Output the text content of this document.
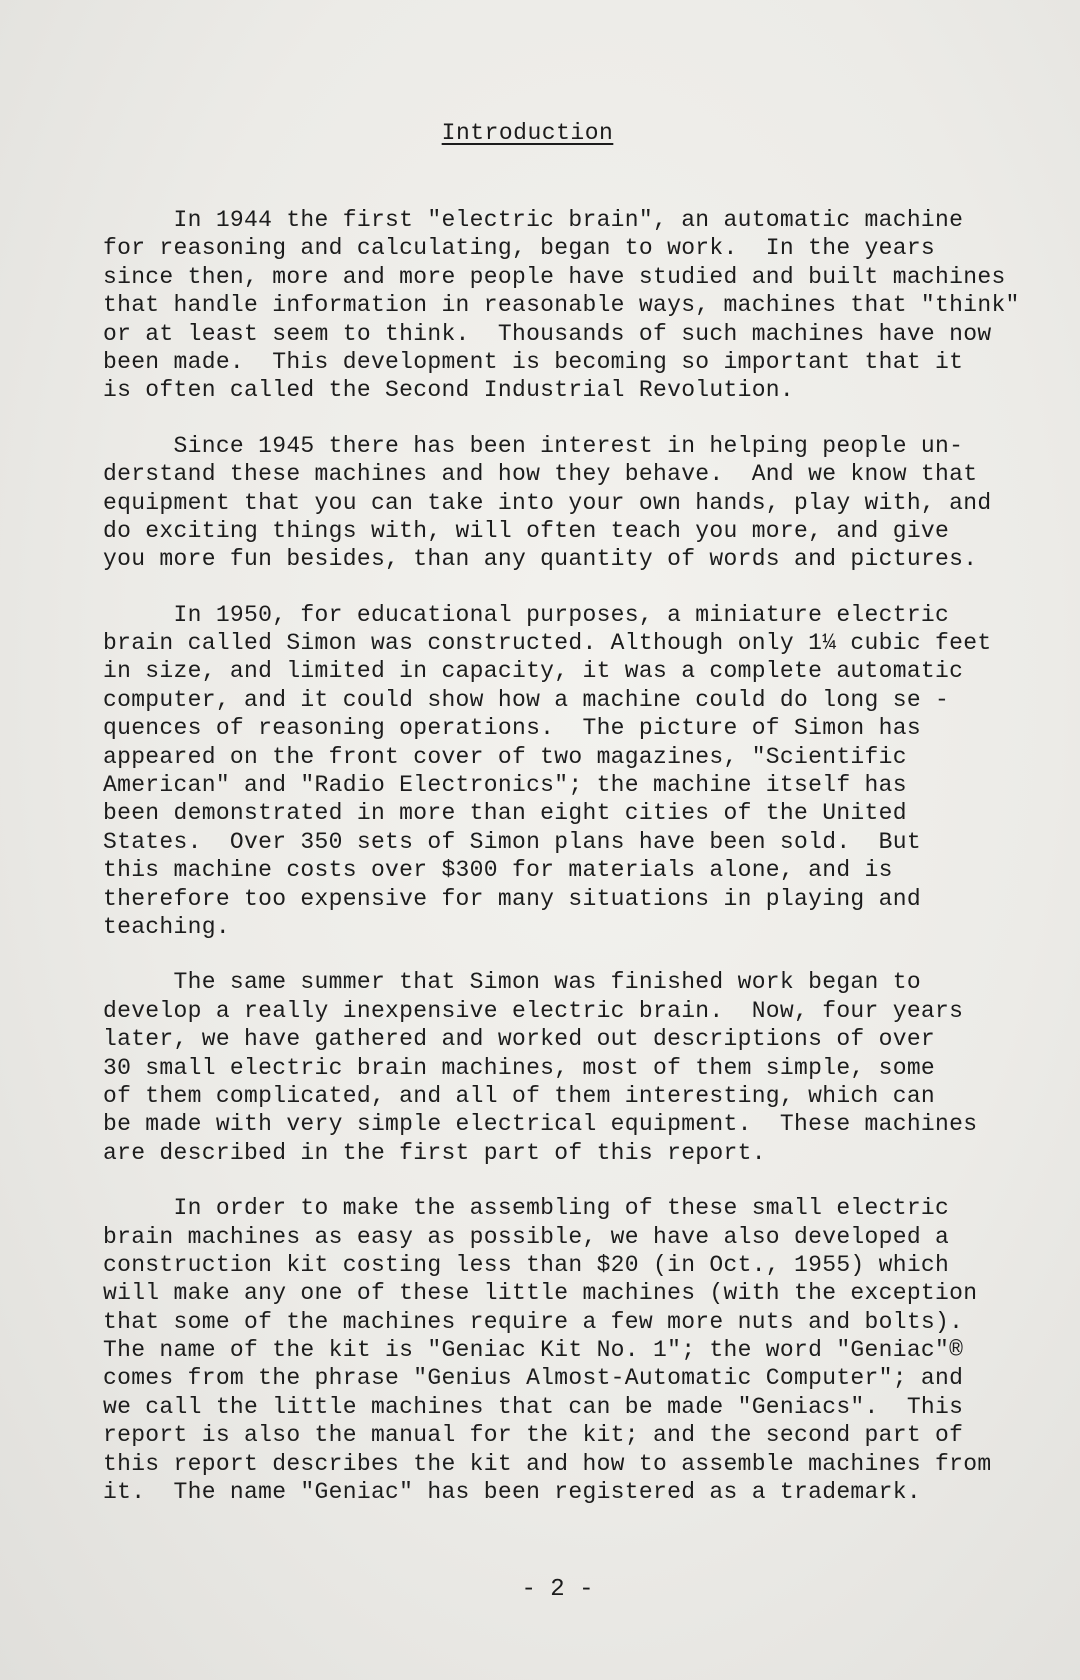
Introduction
In 1944 the first "electric brain", an automatic machine
for reasoning and calculating, began to work.  In the years
since then, more and more people have studied and built machines
that handle information in reasonable ways, machines that "think"
or at least seem to think.  Thousands of such machines have now
been made.  This development is becoming so important that it
is often called the Second Industrial Revolution.
Since 1945 there has been interest in helping people un-
derstand these machines and how they behave.  And we know that
equipment that you can take into your own hands, play with, and
do exciting things with, will often teach you more, and give
you more fun besides, than any quantity of words and pictures.
In 1950, for educational purposes, a miniature electric
brain called Simon was constructed. Although only 1¼ cubic feet
in size, and limited in capacity, it was a complete automatic
computer, and it could show how a machine could do long se -
quences of reasoning operations.  The picture of Simon has
appeared on the front cover of two magazines, "Scientific
American" and "Radio Electronics"; the machine itself has
been demonstrated in more than eight cities of the United
States.  Over 350 sets of Simon plans have been sold.  But
this machine costs over $300 for materials alone, and is
therefore too expensive for many situations in playing and
teaching.
The same summer that Simon was finished work began to
develop a really inexpensive electric brain.  Now, four years
later, we have gathered and worked out descriptions of over
30 small electric brain machines, most of them simple, some
of them complicated, and all of them interesting, which can
be made with very simple electrical equipment.  These machines
are described in the first part of this report.
In order to make the assembling of these small electric
brain machines as easy as possible, we have also developed a
construction kit costing less than $20 (in Oct., 1955) which
will make any one of these little machines (with the exception
that some of the machines require a few more nuts and bolts).
The name of the kit is "Geniac Kit No. 1"; the word "Geniac"®
comes from the phrase "Genius Almost-Automatic Computer"; and
we call the little machines that can be made "Geniacs".  This
report is also the manual for the kit; and the second part of
this report describes the kit and how to assemble machines from
it.  The name "Geniac" has been registered as a trademark.
- 2 -
